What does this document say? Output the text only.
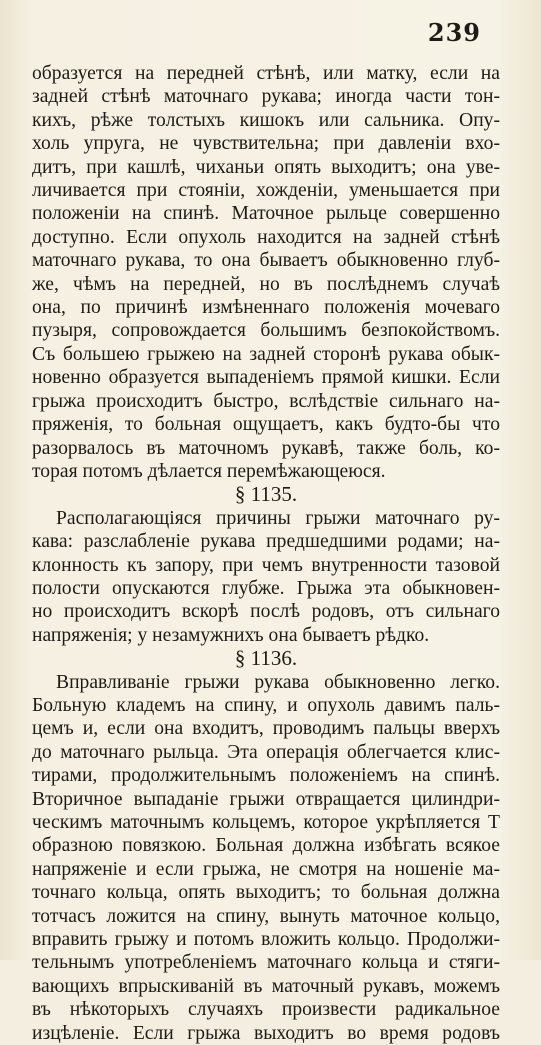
239
образуется на передней стѣнѣ, или матку, если на
задней стѣнѣ маточнаго рукава; иногда части тон-
кихъ, рѣже толстыхъ кишокъ или сальника. Опу-
холь упруга, не чувствительна; при давленіи вхо-
дитъ, при кашлѣ, чиханьи опять выходитъ; она уве-
личивается при стояніи, хожденіи, уменьшается при
положеніи на спинѣ. Маточное рыльце совершенно
доступно. Если опухоль находится на задней стѣнѣ
маточнаго рукава, то она бываетъ обыкновенно глуб-
же, чѣмъ на передней, но въ послѣднемъ случаѣ
она, по причинѣ измѣненнаго положенія мочеваго
пузыря, сопровождается большимъ безпокойствомъ.
Съ большею грыжею на задней сторонѣ рукава обык-
новенно образуется выпаденіемъ прямой кишки. Если
грыжа происходитъ быстро, вслѣдствіе сильнаго на-
пряженія, то больная ощущаетъ, какъ будто-бы что
разорвалось въ маточномъ рукавѣ, также боль, ко-
торая потомъ дѣлается перемѣжающеюся.
§ 1135.
Располагающіяся причины грыжи маточнаго ру-
кава: разслабленіе рукава предшедшими родами; на-
клонность къ запору, при чемъ внутренности тазовой
полости опускаются глубже. Грыжа эта обыкновен-
но происходитъ вскорѣ послѣ родовъ, отъ сильнаго
напряженія; у незамужнихъ она бываетъ рѣдко.
§ 1136.
Вправливаніе грыжи рукава обыкновенно легко.
Больную кладемъ на спину, и опухоль давимъ паль-
цемъ и, если она входитъ, проводимъ пальцы вверхъ
до маточнаго рыльца. Эта операція облегчается клис-
тирами, продолжительнымъ положеніемъ на спинѣ.
Вторичное выпаданіе грыжи отвращается цилиндри-
ческимъ маточнымъ кольцемъ, которое укрѣпляется T
образною повязкою. Больная должна избѣгать всякое
напряженіе и если грыжа, не смотря на ношеніе ма-
точнаго кольца, опять выходитъ; то больная должна
тотчасъ ложится на спину, вынуть маточное кольцо,
вправить грыжу и потомъ вложить кольцо. Продолжи-
тельнымъ употребленіемъ маточнаго кольца и стяги-
вающихъ впрыскиваній въ маточный рукавъ, можемъ
въ нѣкоторыхъ случаяхъ произвести радикальное
изцѣленіе. Если грыжа выходитъ во время родовъ
